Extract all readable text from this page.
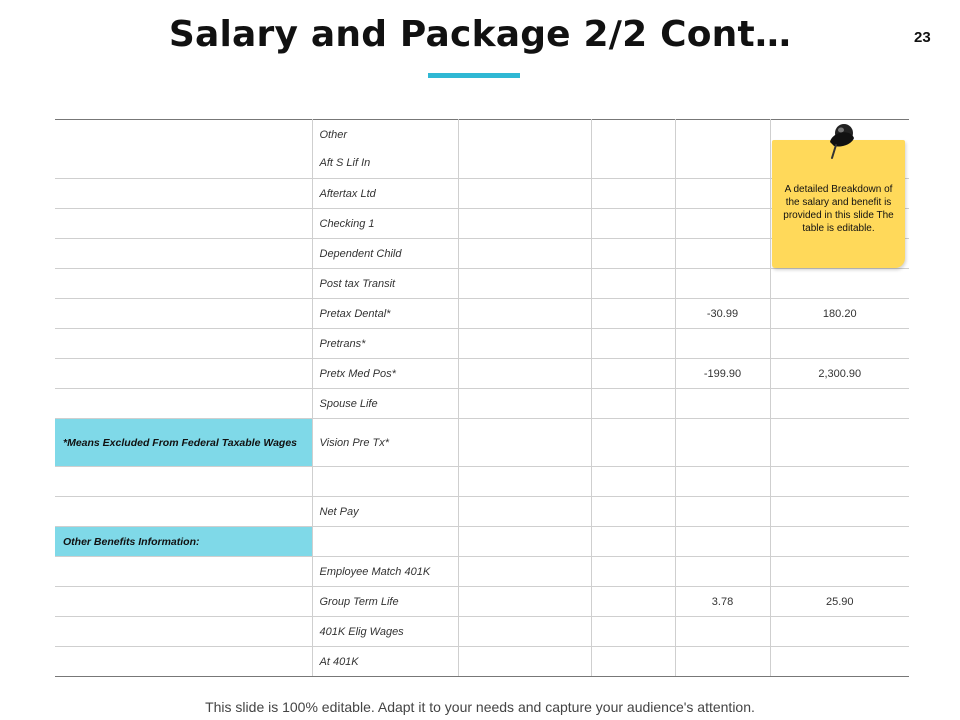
Salary and Package 2/2 Cont…	23

	Other
Aft S Lif In				

	Aftertax Ltd				

	Checking 1				

	Dependent Child				

	Post tax Transit				

	Pretax Dental*			-30.99	180.20

	Pretrans*				

	Pretx Med Pos*			-199.90	2,300.90

	Spouse Life				

*Means Excluded From Federal Taxable Wages	Vision Pre Tx*				

	Net Pay				

Other Benefits Information:	

	Employee Match 401K				

	Group Term Life			3.78	25.90

	401K Elig Wages				

	At 401K				

A detailed Breakdown of the salary and benefit is provided in this slide The table is editable.
This slide is 100% editable. Adapt it to your needs and capture your audience's attention.
